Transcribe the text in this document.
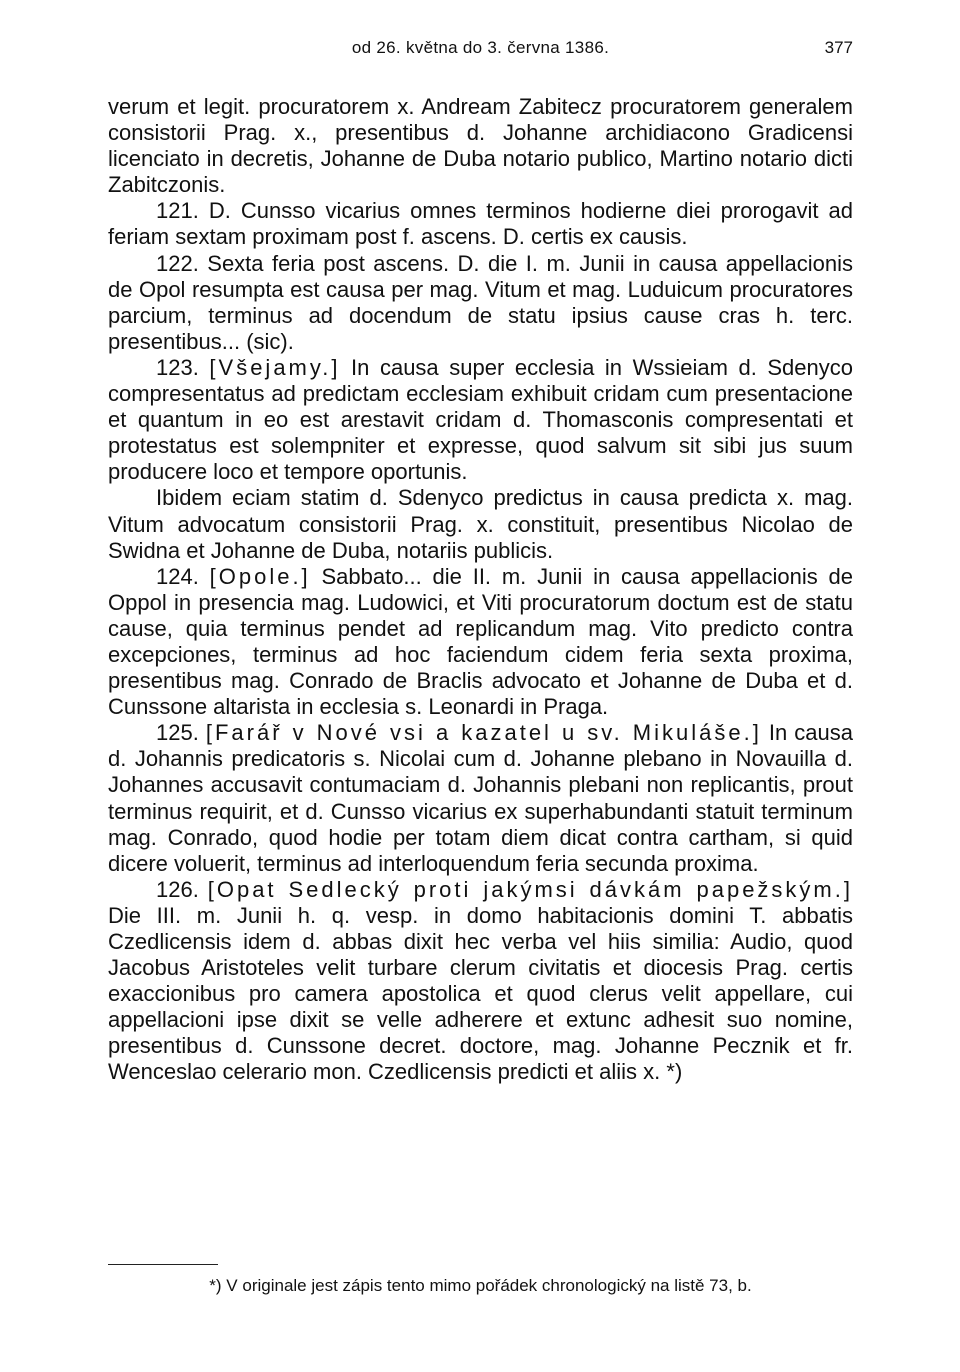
od 26. května do 3. června 1386.	377

verum et legit. procuratorem x. Andream Zabitecz procuratorem generalem consistorii Prag. x., presentibus d. Johanne archidiacono Gradicensi licenciato in decretis, Johanne de Duba notario publico, Martino notario dicti Zabitczonis.

121. D. Cunsso vicarius omnes terminos hodierne diei prorogavit ad feriam sextam proximam post f. ascens. D. certis ex causis.

122. Sexta feria post ascens. D. die I. m. Junii in causa appellacionis de Opol resumpta est causa per mag. Vitum et mag. Luduicum procuratores parcium, terminus ad docendum de statu ipsius cause cras h. terc. presentibus... (sic).

123. [Všejamy.] In causa super ecclesia in Wssieiam d. Sdenyco compresentatus ad predictam ecclesiam exhibuit cridam cum presentacione et quantum in eo est arestavit cridam d. Thomasconis compresentati et protestatus est solempniter et expresse, quod salvum sit sibi jus suum producere loco et tempore oportunis.

Ibidem eciam statim d. Sdenyco predictus in causa predicta x. mag. Vitum advocatum consistorii Prag. x. constituit, presentibus Nicolao de Swidna et Johanne de Duba, notariis publicis.

124. [Opole.] Sabbato... die II. m. Junii in causa appellacionis de Oppol in presencia mag. Ludowici, et Viti procuratorum doctum est de statu cause, quia terminus pendet ad replicandum mag. Vito predicto contra excepciones, terminus ad hoc faciendum cidem feria sexta proxima, presentibus mag. Conrado de Braclis advocato et Johanne de Duba et d. Cunssone altarista in ecclesia s. Leonardi in Praga.

125. [Farář v Nové vsi a kazatel u sv. Mikuláše.] In causa d. Johannis predicatoris s. Nicolai cum d. Johanne plebano in Novauilla d. Johannes accusavit contumaciam d. Johannis plebani non replicantis, prout terminus requirit, et d. Cunsso vicarius ex superhabundanti statuit terminum mag. Conrado, quod hodie per totam diem dicat contra cartham, si quid dicere voluerit, terminus ad interloquendum feria secunda proxima.

126. [Opat Sedlecký proti jakýmsi dávkám papežským.] Die III. m. Junii h. q. vesp. in domo habitacionis domini T. abbatis Czedlicensis idem d. abbas dixit hec verba vel hiis similia: Audio, quod Jacobus Aristoteles velit turbare clerum civitatis et diocesis Prag. certis exaccionibus pro camera apostolica et quod clerus velit appellare, cui appellacioni ipse dixit se velle adherere et extunc adhesit suo nomine, presentibus d. Cunssone decret. doctore, mag. Johanne Pecznik et fr. Wenceslao celerario mon. Czedlicensis predicti et aliis x. *)

*) V originale jest zápis tento mimo pořádek chronologický na listě 73, b.
